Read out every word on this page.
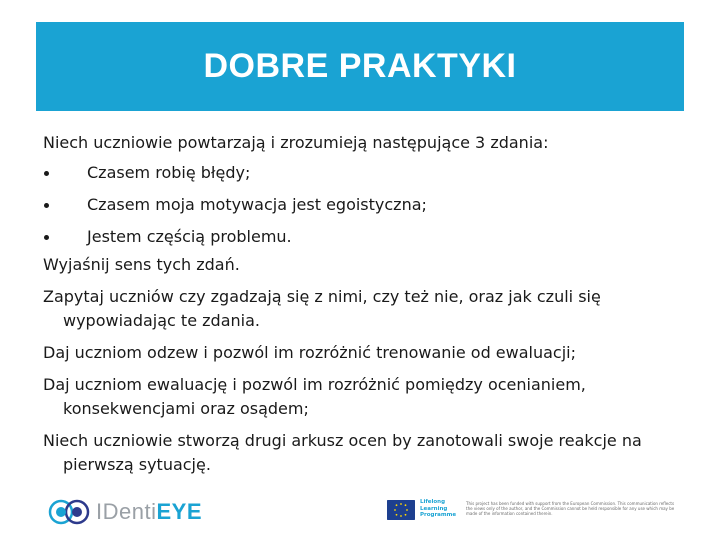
DOBRE PRAKTYKI

Niech uczniowie powtarzają i zrozumieją następujące 3 zdania:

Czasem robię błędy;
Czasem moja motywacja jest egoistyczna;
Jestem częścią problemu.

Wyjaśnij sens tych zdań.

Zapytaj uczniów czy zgadzają się z nimi, czy też nie, oraz jak czuli się wypowiadając te zdania.

Daj uczniom odzew i pozwól im rozróżnić trenowanie od ewaluacji;

Daj uczniom ewaluację i pozwól im rozróżnić pomiędzy ocenianiem, konsekwencjami oraz osądem;

Niech uczniowie stworzą drugi arkusz ocen by zanotowali swoje reakcje na pierwszą sytuację.

IDentiEYE	Lifelong
Learning
Programme
This project has been funded with support from the European Commission. This communication reflects the views only of the author, and the Commission cannot be held responsible for any use which may be made of the information contained therein.
